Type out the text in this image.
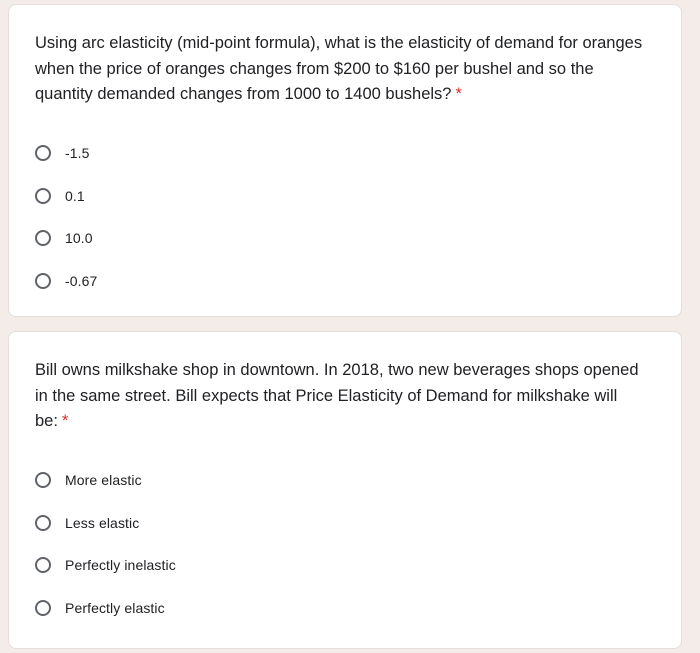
Using arc elasticity (mid-point formula), what is the elasticity of demand for oranges when the price of oranges changes from $200 to $160 per bushel and so the quantity demanded changes from 1000 to 1400 bushels? *
-1.5
0.1
10.0
-0.67
Bill owns milkshake shop in downtown. In 2018, two new beverages shops opened in the same street. Bill expects that Price Elasticity of Demand for milkshake will be: *
More elastic
Less elastic
Perfectly inelastic
Perfectly elastic
